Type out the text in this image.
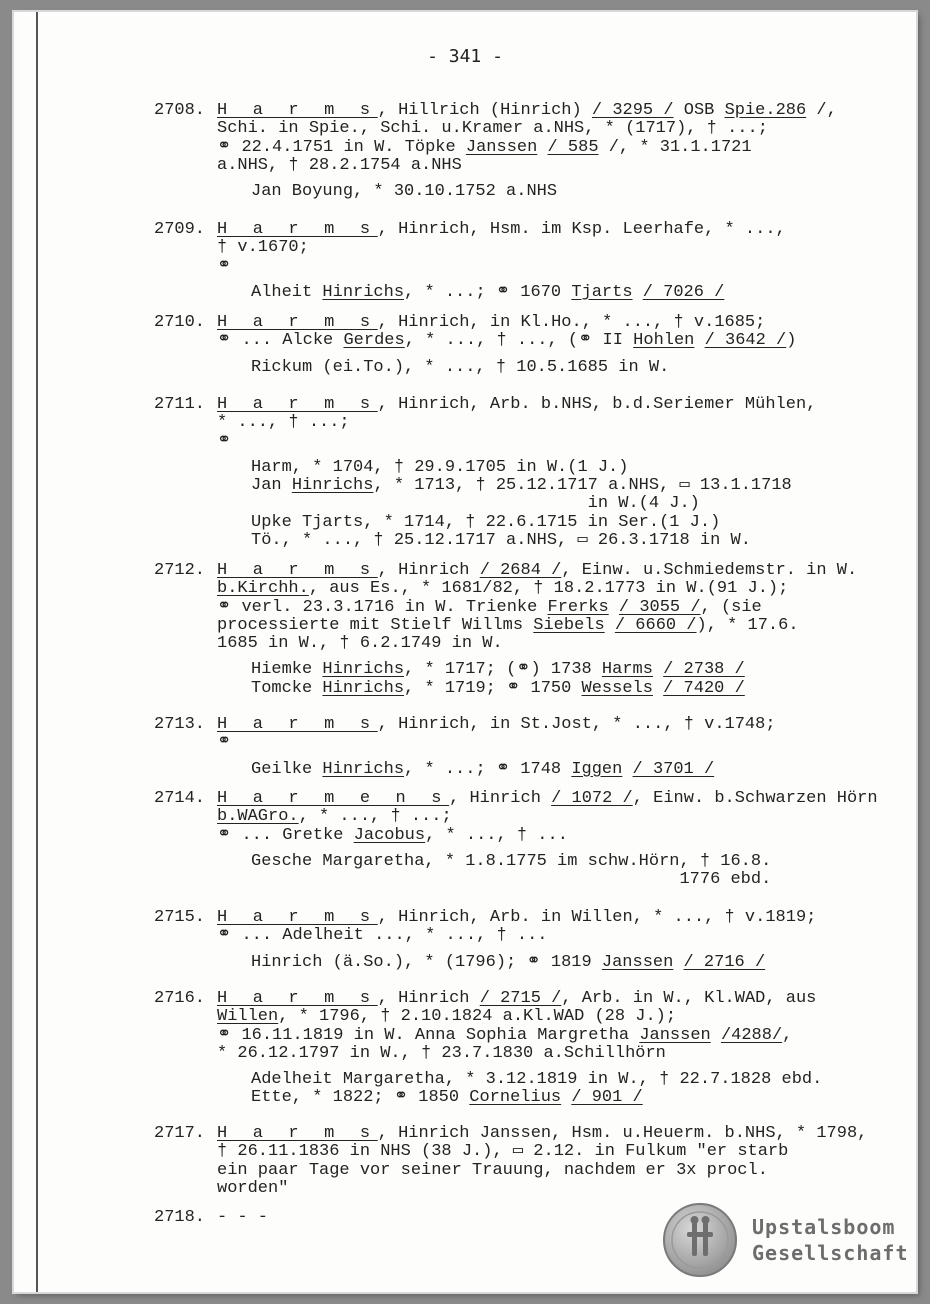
- 341 -
2708. H a r m s, Hillrich (Hinrich) / 3295 / OSB Spie.286 /,
Schi. in Spie., Schi. u.Kramer a.NHS, * (1717), † ...;
⚭ 22.4.1751 in W. Töpke Janssen / 585 /, * 31.1.1721
a.NHS, † 28.2.1754 a.NHS
Jan Boyung, * 30.10.1752 a.NHS
2709. H a r m s, Hinrich, Hsm. im Ksp. Leerhafe, * ...,
† v.1670;
⚭
Alheit Hinrichs, * ...; ⚭ 1670 Tjarts / 7026 /
2710. H a r m s, Hinrich, in Kl.Ho., * ..., † v.1685;
⚭ ... Alcke Gerdes, * ..., † ..., (⚭ II Hohlen / 3642 /)
Rickum (ei.To.), * ..., † 10.5.1685 in W.
2711. H a r m s, Hinrich, Arb. b.NHS, b.d.Seriemer Mühlen,
* ..., † ...;
⚭
Harm, * 1704, † 29.9.1705 in W.(1 J.)
Jan Hinrichs, * 1713, † 25.12.1717 a.NHS, ▭ 13.1.1718
in W.(4 J.)
Upke Tjarts, * 1714, † 22.6.1715 in Ser.(1 J.)
Tö., * ..., † 25.12.1717 a.NHS, ▭ 26.3.1718 in W.
2712. H a r m s, Hinrich / 2684 /, Einw. u.Schmiedemstr. in W.
b.Kirchh., aus Es., * 1681/82, † 18.2.1773 in W.(91 J.);
⚭ verl. 23.3.1716 in W. Trienke Frerks / 3055 /, (sie
processierte mit Stielf Willms Siebels / 6660 /), * 17.6.
1685 in W., † 6.2.1749 in W.
Hiemke Hinrichs, * 1717; (⚭) 1738 Harms / 2738 /
Tomcke Hinrichs, * 1719; ⚭ 1750 Wessels / 7420 /
2713. H a r m s, Hinrich, in St.Jost, * ..., † v.1748;
⚭
Geilke Hinrichs, * ...; ⚭ 1748 Iggen / 3701 /
2714. H a r m e n s, Hinrich / 1072 /, Einw. b.Schwarzen Hörn
b.WAGro., * ..., † ...;
⚭ ... Gretke Jacobus, * ..., † ...
Gesche Margaretha, * 1.8.1775 im schw.Hörn, † 16.8.
1776 ebd.
2715. H a r m s, Hinrich, Arb. in Willen, * ..., † v.1819;
⚭ ... Adelheit ..., * ..., † ...
Hinrich (ä.So.), * (1796); ⚭ 1819 Janssen / 2716 /
2716. H a r m s, Hinrich / 2715 /, Arb. in W., Kl.WAD, aus
Willen, * 1796, † 2.10.1824 a.Kl.WAD (28 J.);
⚭ 16.11.1819 in W. Anna Sophia Margretha Janssen /4288/,
* 26.12.1797 in W., † 23.7.1830 a.Schillhörn
Adelheit Margaretha, * 3.12.1819 in W., † 22.7.1828 ebd.
Ette, * 1822; ⚭ 1850 Cornelius / 901 /
2717. H a r m s, Hinrich Janssen, Hsm. u.Heuerm. b.NHS, * 1798,
† 26.11.1836 in NHS (38 J.), ▭ 2.12. in Fulkum "er starb
ein paar Tage vor seiner Trauung, nachdem er 3x procl.
worden"
2718. - - -	Upstalsboom
Gesellschaft
